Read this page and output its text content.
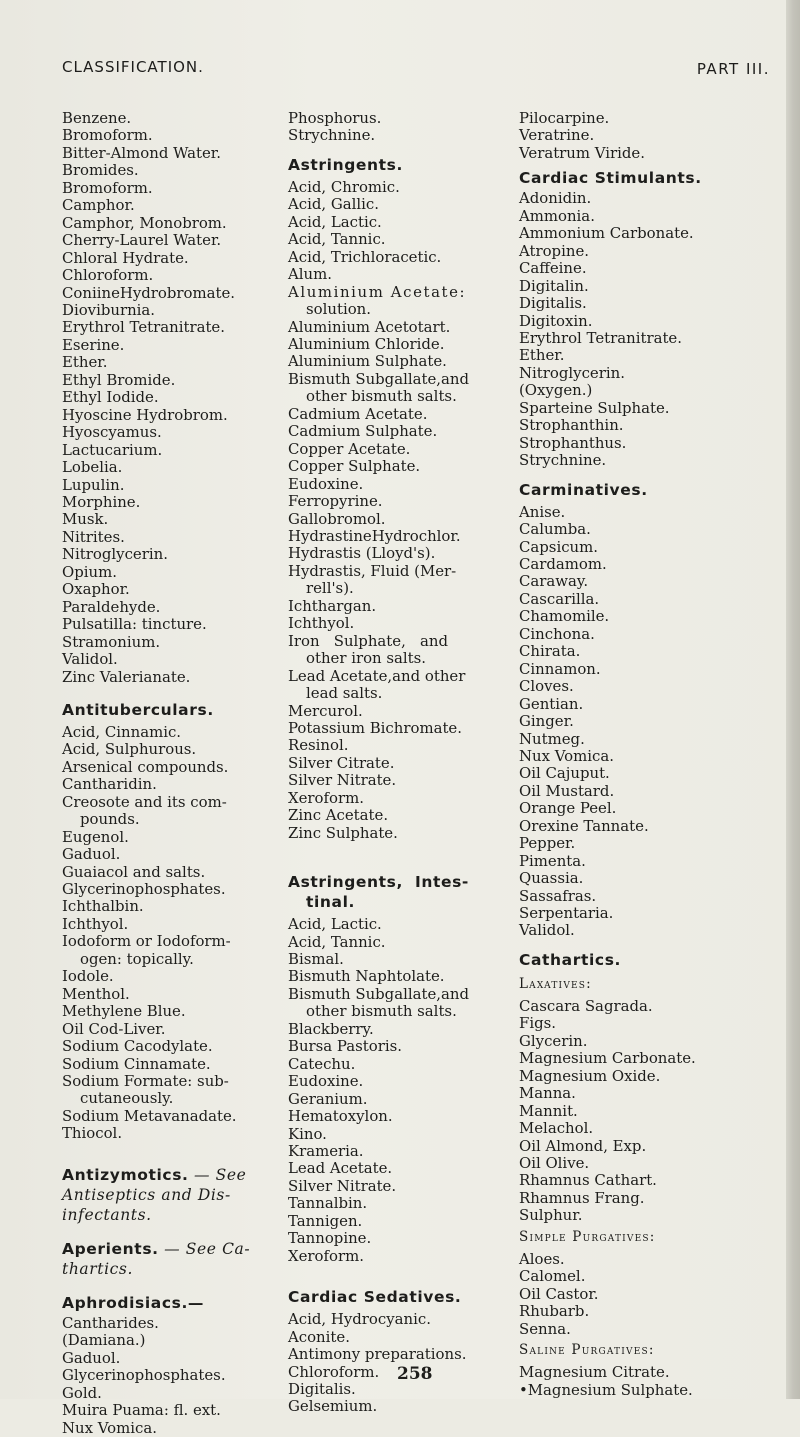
CLASSIFICATION.	PART III.
Benzene.
Bromoform.
Bitter-Almond Water.
Bromides.
Bromoform.
Camphor.
Camphor, Monobrom.
Cherry-Laurel Water.
Chloral Hydrate.
Chloroform.
ConiineHydrobromate.
Dioviburnia.
Erythrol Tetranitrate.
Eserine.
Ether.
Ethyl Bromide.
Ethyl Iodide.
Hyoscine Hydrobrom.
Hyoscyamus.
Lactucarium.
Lobelia.
Lupulin.
Morphine.
Musk.
Nitrites.
Nitroglycerin.
Opium.
Oxaphor.
Paraldehyde.
Pulsatilla: tincture.
Stramonium.
Validol.
Zinc Valerianate.
Antituberculars.
Acid, Cinnamic.
Acid, Sulphurous.
Arsenical compounds.
Cantharidin.
Creosote and its com-
pounds.
Eugenol.
Gaduol.
Guaiacol and salts.
Glycerinophosphates.
Ichthalbin.
Ichthyol.
Iodoform or Iodoform-
ogen: topically.
Iodole.
Menthol.
Methylene Blue.
Oil Cod-Liver.
Sodium Cacodylate.
Sodium Cinnamate.
Sodium Formate: sub-
cutaneously.
Sodium Metavanadate.
Thiocol.
Antizymotics. — See
Antiseptics and Dis-
infectants.
Aperients. — See Ca-
thartics.
Aphrodisiacs.—
Cantharides.
(Damiana.)
Gaduol.
Glycerinophosphates.
Gold.
Muira Puama: fl. ext.
Nux Vomica.
Phosphorus.
Strychnine.
Astringents.
Acid, Chromic.
Acid, Gallic.
Acid, Lactic.
Acid, Tannic.
Acid, Trichloracetic.
Alum.
Aluminium Acetate:
solution.
Aluminium Acetotart.
Aluminium Chloride.
Aluminium Sulphate.
Bismuth Subgallate,and
other bismuth salts.
Cadmium Acetate.
Cadmium Sulphate.
Copper Acetate.
Copper Sulphate.
Eudoxine.
Ferropyrine.
Gallobromol.
HydrastineHydrochlor.
Hydrastis (Lloyd's).
Hydrastis, Fluid (Mer-
rell's).
Ichthargan.
Ichthyol.
Iron   Sulphate,   and
other iron salts.
Lead Acetate,and other
lead salts.
Mercurol.
Potassium Bichromate.
Resinol.
Silver Citrate.
Silver Nitrate.
Xeroform.
Zinc Acetate.
Zinc Sulphate.
Astringents,  Intes-
tinal.
Acid, Lactic.
Acid, Tannic.
Bismal.
Bismuth Naphtolate.
Bismuth Subgallate,and
other bismuth salts.
Blackberry.
Bursa Pastoris.
Catechu.
Eudoxine.
Geranium.
Hematoxylon.
Kino.
Krameria.
Lead Acetate.
Silver Nitrate.
Tannalbin.
Tannigen.
Tannopine.
Xeroform.
Cardiac Sedatives.
Acid, Hydrocyanic.
Aconite.
Antimony preparations.
Chloroform.
Digitalis.
Gelsemium.
Pilocarpine.
Veratrine.
Veratrum Viride.
Cardiac Stimulants.
Adonidin.
Ammonia.
Ammonium Carbonate.
Atropine.
Caffeine.
Digitalin.
Digitalis.
Digitoxin.
Erythrol Tetranitrate.
Ether.
Nitroglycerin.
(Oxygen.)
Sparteine Sulphate.
Strophanthin.
Strophanthus.
Strychnine.
Carminatives.
Anise.
Calumba.
Capsicum.
Cardamom.
Caraway.
Cascarilla.
Chamomile.
Cinchona.
Chirata.
Cinnamon.
Cloves.
Gentian.
Ginger.
Nutmeg.
Nux Vomica.
Oil Cajuput.
Oil Mustard.
Orange Peel.
Orexine Tannate.
Pepper.
Pimenta.
Quassia.
Sassafras.
Serpentaria.
Validol.
Cathartics.
Laxatives:
Cascara Sagrada.
Figs.
Glycerin.
Magnesium Carbonate.
Magnesium Oxide.
Manna.
Mannit.
Melachol.
Oil Almond, Exp.
Oil Olive.
Rhamnus Cathart.
Rhamnus Frang.
Sulphur.
Simple Purgatives:
Aloes.
Calomel.
Oil Castor.
Rhubarb.
Senna.
Saline Purgatives:
Magnesium Citrate.
•Magnesium Sulphate.
258
